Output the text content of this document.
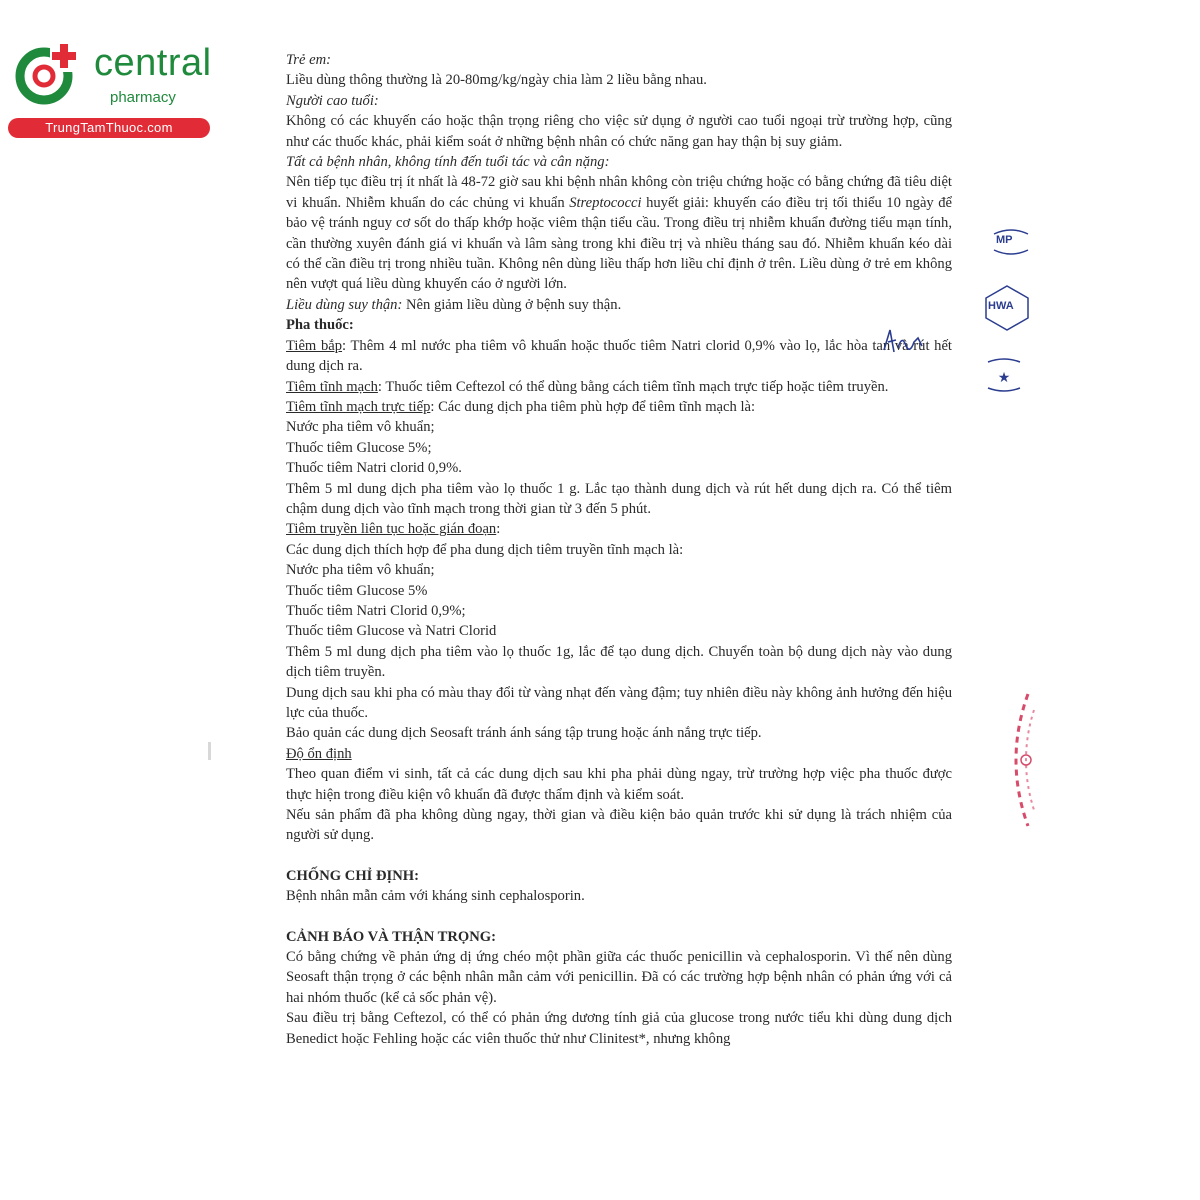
central
pharmacy
TrungTamThuoc.com

Trẻ em:

Liều dùng thông thường là 20-80mg/kg/ngày chia làm 2 liều bằng nhau.

Người cao tuổi:

Không có các khuyến cáo hoặc thận trọng riêng cho việc sử dụng ở người cao tuổi ngoại trừ trường hợp, cũng như các thuốc khác, phải kiểm soát ở những bệnh nhân có chức năng gan hay thận bị suy giảm.

Tất cả bệnh nhân, không tính đến tuổi tác và cân nặng:

Nên tiếp tục điều trị ít nhất là 48-72 giờ sau khi bệnh nhân không còn triệu chứng hoặc có bằng chứng đã tiêu diệt vi khuẩn. Nhiễm khuẩn do các chủng vi khuẩn Streptococci huyết giải: khuyến cáo điều trị tối thiểu 10 ngày để bảo vệ tránh nguy cơ sốt do thấp khớp hoặc viêm thận tiểu cầu. Trong điều trị nhiễm khuẩn đường tiểu mạn tính, cần thường xuyên đánh giá vi khuẩn và lâm sàng trong khi điều trị và nhiều tháng sau đó. Nhiễm khuẩn kéo dài có thể cần điều trị trong nhiều tuần. Không nên dùng liều thấp hơn liều chỉ định ở trên. Liều dùng ở trẻ em không nên vượt quá liều dùng khuyến cáo ở người lớn.

Liều dùng suy thận: Nên giảm liều dùng ở bệnh suy thận.

Pha thuốc:

Tiêm bắp: Thêm 4 ml nước pha tiêm vô khuẩn hoặc thuốc tiêm Natri clorid 0,9% vào lọ, lắc hòa tan và rút hết dung dịch ra.

Tiêm tĩnh mạch: Thuốc tiêm Ceftezol có thể dùng bằng cách tiêm tĩnh mạch trực tiếp hoặc tiêm truyền.

Tiêm tĩnh mạch trực tiếp: Các dung dịch pha tiêm phù hợp để tiêm tĩnh mạch là:

Nước pha tiêm vô khuẩn;

Thuốc tiêm Glucose 5%;

Thuốc tiêm Natri clorid 0,9%.

Thêm 5 ml dung dịch pha tiêm vào lọ thuốc 1 g. Lắc tạo thành dung dịch và rút hết dung dịch ra. Có thể tiêm chậm dung dịch vào tĩnh mạch trong thời gian từ 3 đến 5 phút.

Tiêm truyền liên tục hoặc gián đoạn:

Các dung dịch thích hợp để pha dung dịch tiêm truyền tĩnh mạch là:

Nước pha tiêm vô khuẩn;

Thuốc tiêm Glucose 5%

Thuốc tiêm Natri Clorid 0,9%;

Thuốc tiêm Glucose và Natri Clorid

Thêm 5 ml dung dịch pha tiêm vào lọ thuốc 1g, lắc để tạo dung dịch. Chuyển toàn bộ dung dịch này vào dung dịch tiêm truyền.

Dung dịch sau khi pha có màu thay đổi từ vàng nhạt đến vàng đậm; tuy nhiên điều này không ảnh hưởng đến hiệu lực của thuốc.

Bảo quản các dung dịch Seosaft tránh ánh sáng tập trung hoặc ánh nắng trực tiếp.

Độ ổn định

Theo quan điểm vi sinh, tất cả các dung dịch sau khi pha phải dùng ngay, trừ trường hợp việc pha thuốc được thực hiện trong điều kiện vô khuẩn đã được thẩm định và kiểm soát.

Nếu sản phẩm đã pha không dùng ngay, thời gian và điều kiện bảo quản trước khi sử dụng là trách nhiệm của người sử dụng.

CHỐNG CHỈ ĐỊNH:

Bệnh nhân mẫn cảm với kháng sinh cephalosporin.

CẢNH BÁO VÀ THẬN TRỌNG:

Có bằng chứng về phản ứng dị ứng chéo một phần giữa các thuốc penicillin và cephalosporin. Vì thế nên dùng Seosaft thận trọng ở các bệnh nhân mẫn cảm với penicillin. Đã có các trường hợp bệnh nhân có phản ứng với cả hai nhóm thuốc (kể cả sốc phản vệ).

Sau điều trị bằng Ceftezol, có thể có phản ứng dương tính giả của glucose trong nước tiểu khi dùng dung dịch Benedict hoặc Fehling hoặc các viên thuốc thử như Clinitest*, nhưng không

MP
HWA
★
